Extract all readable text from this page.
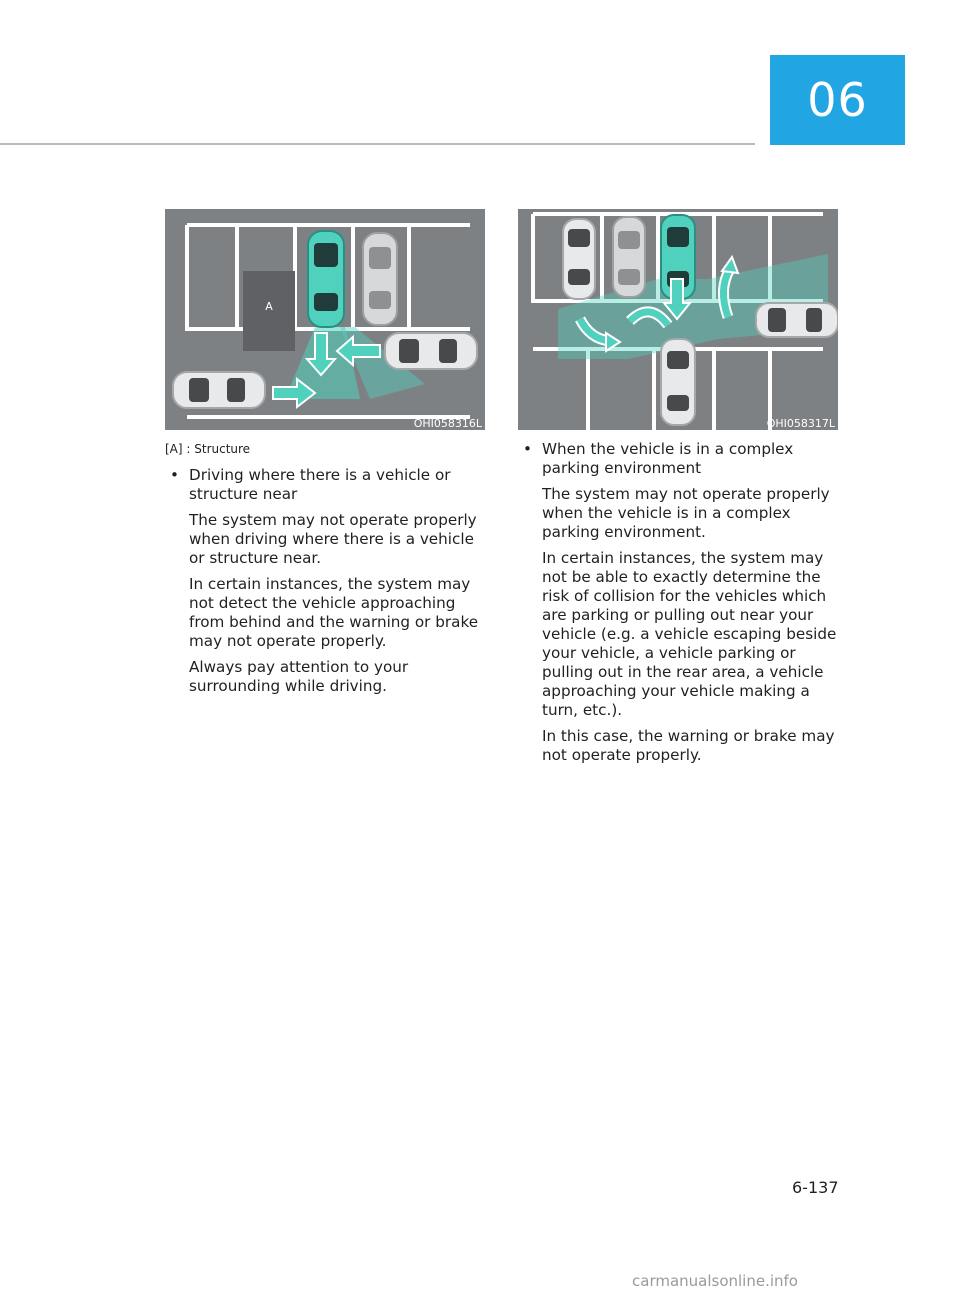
06
A
OHI058316L	OHI058317L
[A] : Structure
• Driving where there is a vehicle or structure near

The system may not operate properly when driving where there is a vehicle or structure near.

In certain instances, the system may not detect the vehicle approaching from behind and the warning or brake may not operate properly.

Always pay attention to your surrounding while driving.

• When the vehicle is in a complex parking environment

The system may not operate properly when the vehicle is in a complex parking environment.

In certain instances, the system may not be able to exactly determine the risk of collision for the vehicles which are parking or pulling out near your vehicle (e.g. a vehicle escaping beside your vehicle, a vehicle parking or pulling out in the rear area, a vehicle approaching your vehicle making a turn, etc.).

In this case, the warning or brake may not operate properly.

6-137
carmanualsonline.info
